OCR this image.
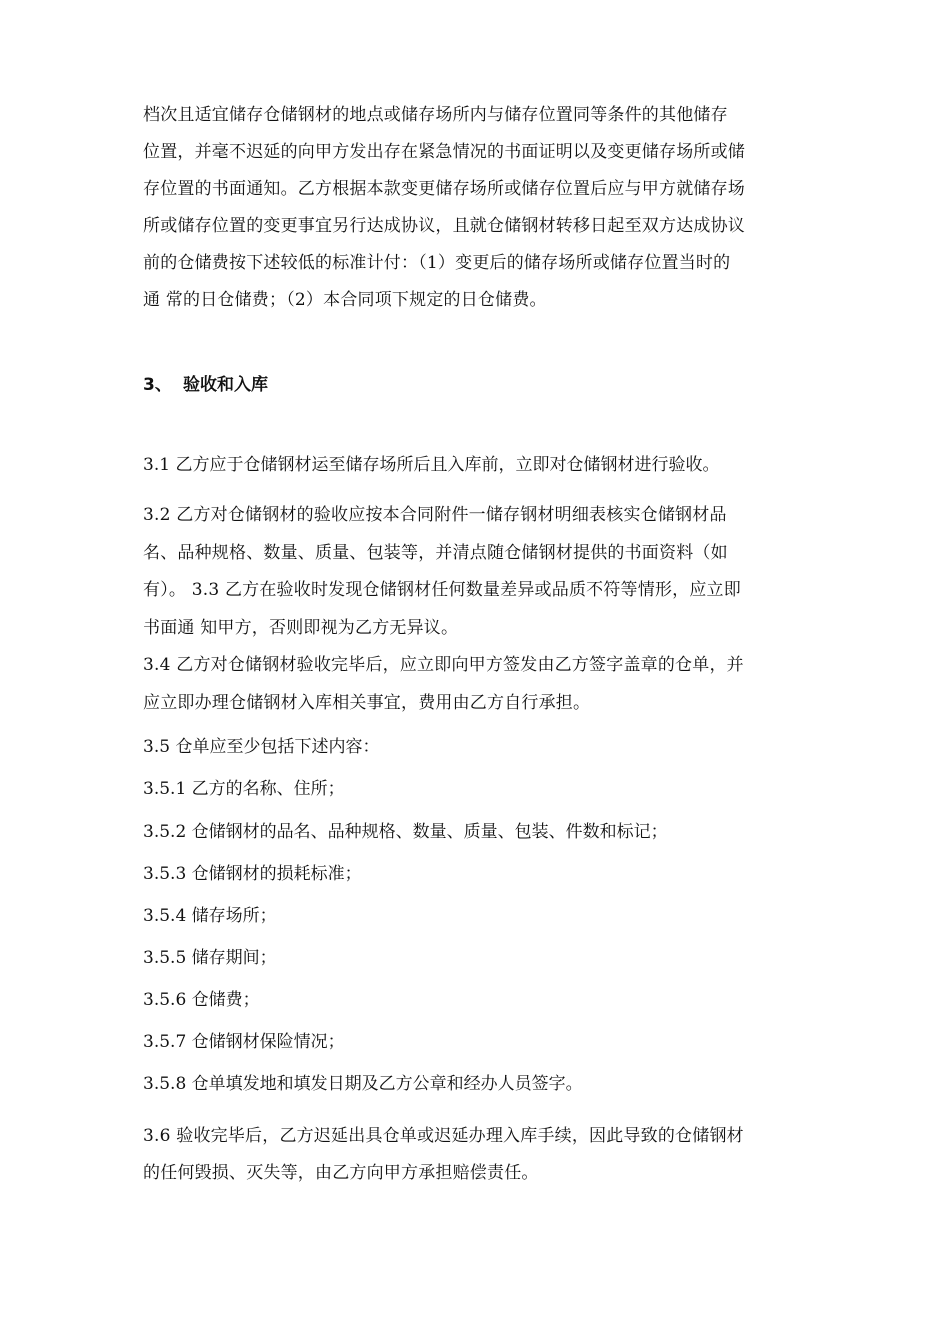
档次且适宜储存仓储钢材的地点或储存场所内与储存位置同等条件的其他储存
位置，并毫不迟延的向甲方发出存在紧急情况的书面证明以及变更储存场所或储
存位置的书面通知。乙方根据本款变更储存场所或储存位置后应与甲方就储存场
所或储存位置的变更事宜另行达成协议，且就仓储钢材转移日起至双方达成协议
前的仓储费按下述较低的标准计付：（1）变更后的储存场所或储存位置当时的
通 常的日仓储费；（2）本合同项下规定的日仓储费。
3、 验收和入库
3.1 乙方应于仓储钢材运至储存场所后且入库前，立即对仓储钢材进行验收。
3.2 乙方对仓储钢材的验收应按本合同附件一储存钢材明细表核实仓储钢材品
名、品种规格、数量、质量、包装等，并清点随仓储钢材提供的书面资料（如
有）。 3.3 乙方在验收时发现仓储钢材任何数量差异或品质不符等情形，应立即
书面通 知甲方，否则即视为乙方无异议。
3.4 乙方对仓储钢材验收完毕后，应立即向甲方签发由乙方签字盖章的仓单，并
应立即办理仓储钢材入库相关事宜，费用由乙方自行承担。
3.5 仓单应至少包括下述内容：
3.5.1 乙方的名称、住所；
3.5.2 仓储钢材的品名、品种规格、数量、质量、包装、件数和标记；
3.5.3 仓储钢材的损耗标准；
3.5.4 储存场所；
3.5.5 储存期间；
3.5.6 仓储费；
3.5.7 仓储钢材保险情况；
3.5.8 仓单填发地和填发日期及乙方公章和经办人员签字。
3.6 验收完毕后，乙方迟延出具仓单或迟延办理入库手续，因此导致的仓储钢材
的任何毁损、灭失等，由乙方向甲方承担赔偿责任。
